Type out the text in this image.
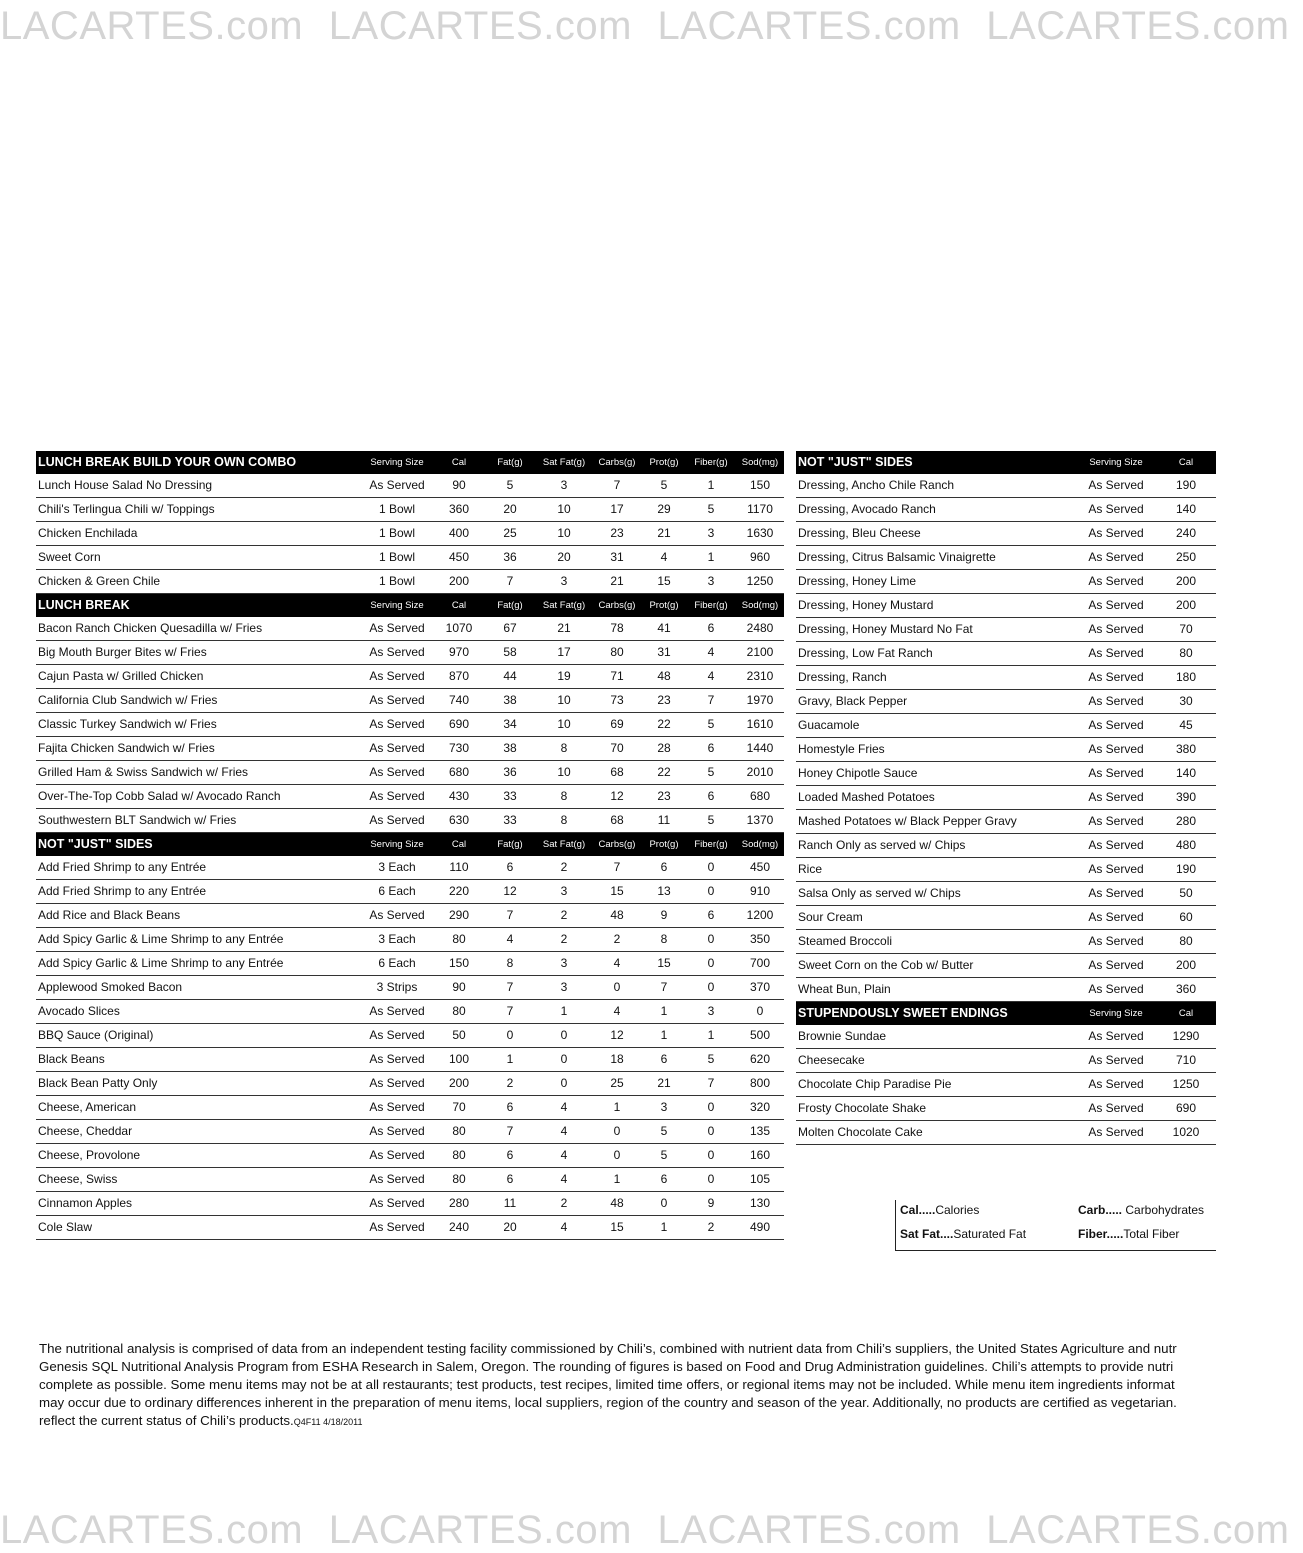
LACARTES.com LACARTES.com LACARTES.com LACARTES.com
LUNCH BREAK BUILD YOUR OWN COMBO	Serving Size	Cal	Fat(g)	Sat Fat(g)	Carbs(g)	Prot(g)	Fiber(g)	Sod(mg)
Lunch House Salad No Dressing	As Served	90	5	3	7	5	1	150
Chili's Terlingua Chili w/ Toppings	1 Bowl	360	20	10	17	29	5	1170
Chicken Enchilada	1 Bowl	400	25	10	23	21	3	1630
Sweet Corn	1 Bowl	450	36	20	31	4	1	960
Chicken & Green Chile	1 Bowl	200	7	3	21	15	3	1250
LUNCH BREAK	Serving Size	Cal	Fat(g)	Sat Fat(g)	Carbs(g)	Prot(g)	Fiber(g)	Sod(mg)
Bacon Ranch Chicken Quesadilla w/ Fries	As Served	1070	67	21	78	41	6	2480
Big Mouth Burger Bites w/ Fries	As Served	970	58	17	80	31	4	2100
Cajun Pasta w/ Grilled Chicken	As Served	870	44	19	71	48	4	2310
California Club Sandwich w/ Fries	As Served	740	38	10	73	23	7	1970
Classic Turkey Sandwich w/ Fries	As Served	690	34	10	69	22	5	1610
Fajita Chicken Sandwich w/ Fries	As Served	730	38	8	70	28	6	1440
Grilled Ham & Swiss Sandwich w/ Fries	As Served	680	36	10	68	22	5	2010
Over-The-Top Cobb Salad w/ Avocado Ranch	As Served	430	33	8	12	23	6	680
Southwestern BLT Sandwich w/ Fries	As Served	630	33	8	68	11	5	1370
NOT "JUST" SIDES	Serving Size	Cal	Fat(g)	Sat Fat(g)	Carbs(g)	Prot(g)	Fiber(g)	Sod(mg)
Add Fried Shrimp to any Entrée	3 Each	110	6	2	7	6	0	450
Add Fried Shrimp to any Entrée	6 Each	220	12	3	15	13	0	910
Add Rice and Black Beans	As Served	290	7	2	48	9	6	1200
Add Spicy Garlic & Lime Shrimp to any Entrée	3 Each	80	4	2	2	8	0	350
Add Spicy Garlic & Lime Shrimp to any Entrée	6 Each	150	8	3	4	15	0	700
Applewood Smoked Bacon	3 Strips	90	7	3	0	7	0	370
Avocado Slices	As Served	80	7	1	4	1	3	0
BBQ Sauce (Original)	As Served	50	0	0	12	1	1	500
Black Beans	As Served	100	1	0	18	6	5	620
Black Bean Patty Only	As Served	200	2	0	25	21	7	800
Cheese, American	As Served	70	6	4	1	3	0	320
Cheese, Cheddar	As Served	80	7	4	0	5	0	135
Cheese, Provolone	As Served	80	6	4	0	5	0	160
Cheese, Swiss	As Served	80	6	4	1	6	0	105
Cinnamon Apples	As Served	280	11	2	48	0	9	130
Cole Slaw	As Served	240	20	4	15	1	2	490
NOT "JUST" SIDES	Serving Size	Cal
Dressing, Ancho Chile Ranch	As Served	190
Dressing, Avocado Ranch	As Served	140
Dressing, Bleu Cheese	As Served	240
Dressing, Citrus Balsamic Vinaigrette	As Served	250
Dressing, Honey Lime	As Served	200
Dressing, Honey Mustard	As Served	200
Dressing, Honey Mustard No Fat	As Served	70
Dressing, Low Fat Ranch	As Served	80
Dressing, Ranch	As Served	180
Gravy, Black Pepper	As Served	30
Guacamole	As Served	45
Homestyle Fries	As Served	380
Honey Chipotle Sauce	As Served	140
Loaded Mashed Potatoes	As Served	390
Mashed Potatoes w/ Black Pepper Gravy	As Served	280
Ranch Only as served w/ Chips	As Served	480
Rice	As Served	190
Salsa Only as served w/ Chips	As Served	50
Sour Cream	As Served	60
Steamed Broccoli	As Served	80
Sweet Corn on the Cob w/ Butter	As Served	200
Wheat Bun, Plain	As Served	360
STUPENDOUSLY SWEET ENDINGS	Serving Size	Cal
Brownie Sundae	As Served	1290
Cheesecake	As Served	710
Chocolate Chip Paradise Pie	As Served	1250
Frosty Chocolate Shake	As Served	690
Molten Chocolate Cake	As Served	1020
Cal.....Calories	Carb..... Carbohydrates
Sat Fat....Saturated Fat	Fiber.....Total Fiber
The nutritional analysis is comprised of data from an independent testing facility commissioned by Chili’s, combined with nutrient data from Chili’s suppliers, the United States Agriculture and nutr
Genesis SQL Nutritional Analysis Program from ESHA Research in Salem, Oregon. The rounding of figures is based on Food and Drug Administration guidelines. Chili’s attempts to provide nutri
complete as possible. Some menu items may not be at all restaurants; test products, test recipes, limited time offers, or regional items may not be included. While menu item ingredients informat
may occur due to ordinary differences inherent in the preparation of menu items, local suppliers, region of the country and season of the year. Additionally, no products are certified as vegetarian.
reflect the current status of Chili’s products.Q4F11 4/18/2011
LACARTES.com LACARTES.com LACARTES.com LACARTES.com
